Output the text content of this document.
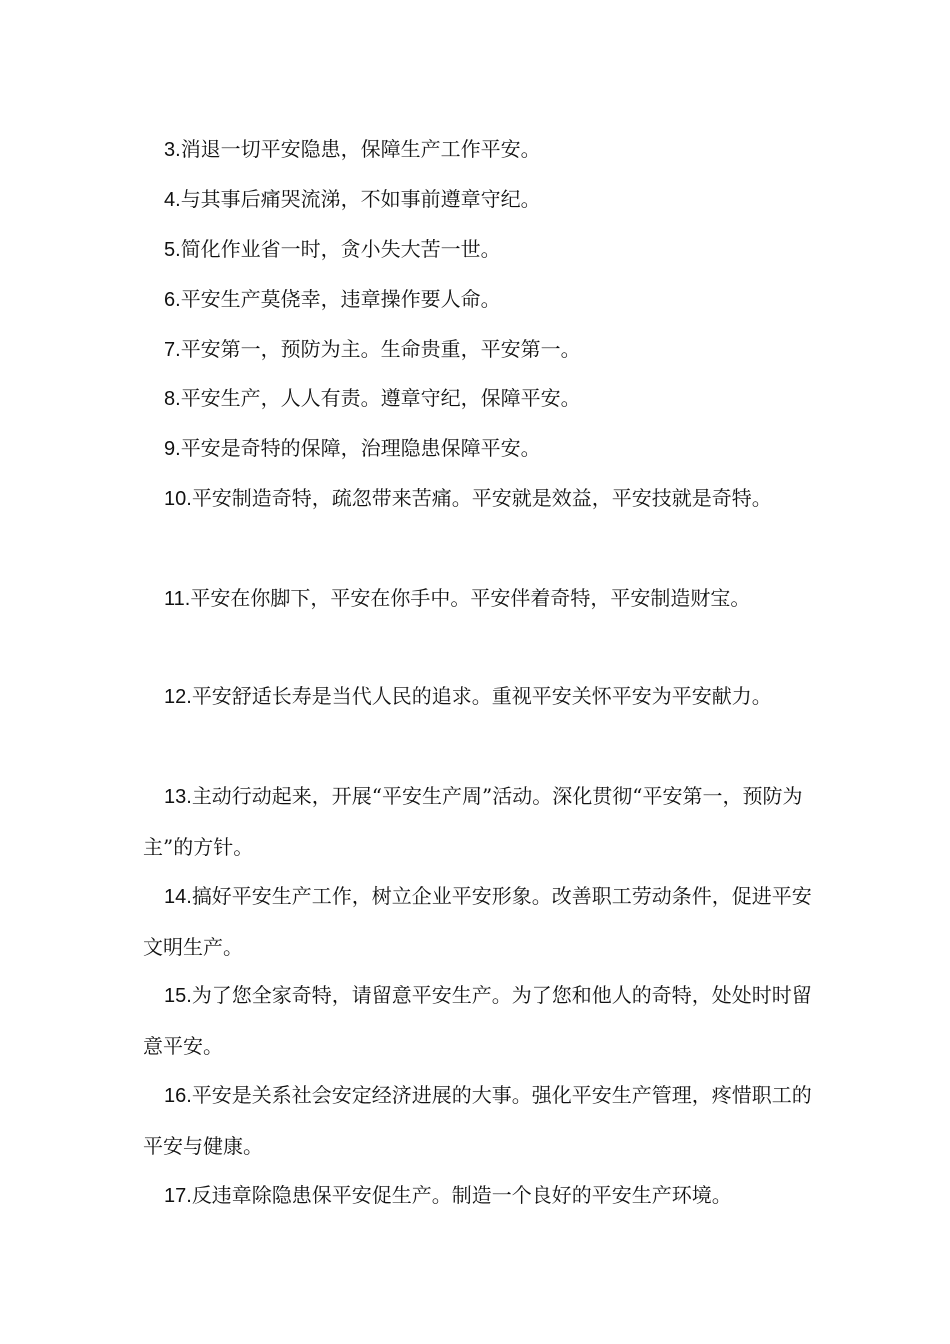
3.消退一切平安隐患，保障生产工作平安。

4.与其事后痛哭流涕，不如事前遵章守纪。

5.简化作业省一时，贪小失大苦一世。

6.平安生产莫侥幸，违章操作要人命。

7.平安第一，预防为主。生命贵重，平安第一。

8.平安生产，人人有责。遵章守纪，保障平安。

9.平安是奇特的保障，治理隐患保障平安。

10.平安制造奇特，疏忽带来苦痛。平安就是效益，平安技就是奇特。

11.平安在你脚下，平安在你手中。平安伴着奇特，平安制造财宝。

12.平安舒适长寿是当代人民的追求。重视平安关怀平安为平安献力。

13.主动行动起来，开展“平安生产周”活动。深化贯彻“平安第一，预防为主”的方针。

14.搞好平安生产工作，树立企业平安形象。改善职工劳动条件，促进平安文明生产。

15.为了您全家奇特，请留意平安生产。为了您和他人的奇特，处处时时留意平安。

16.平安是关系社会安定经济进展的大事。强化平安生产管理，疼惜职工的平安与健康。

17.反违章除隐患保平安促生产。制造一个良好的平安生产环境。
